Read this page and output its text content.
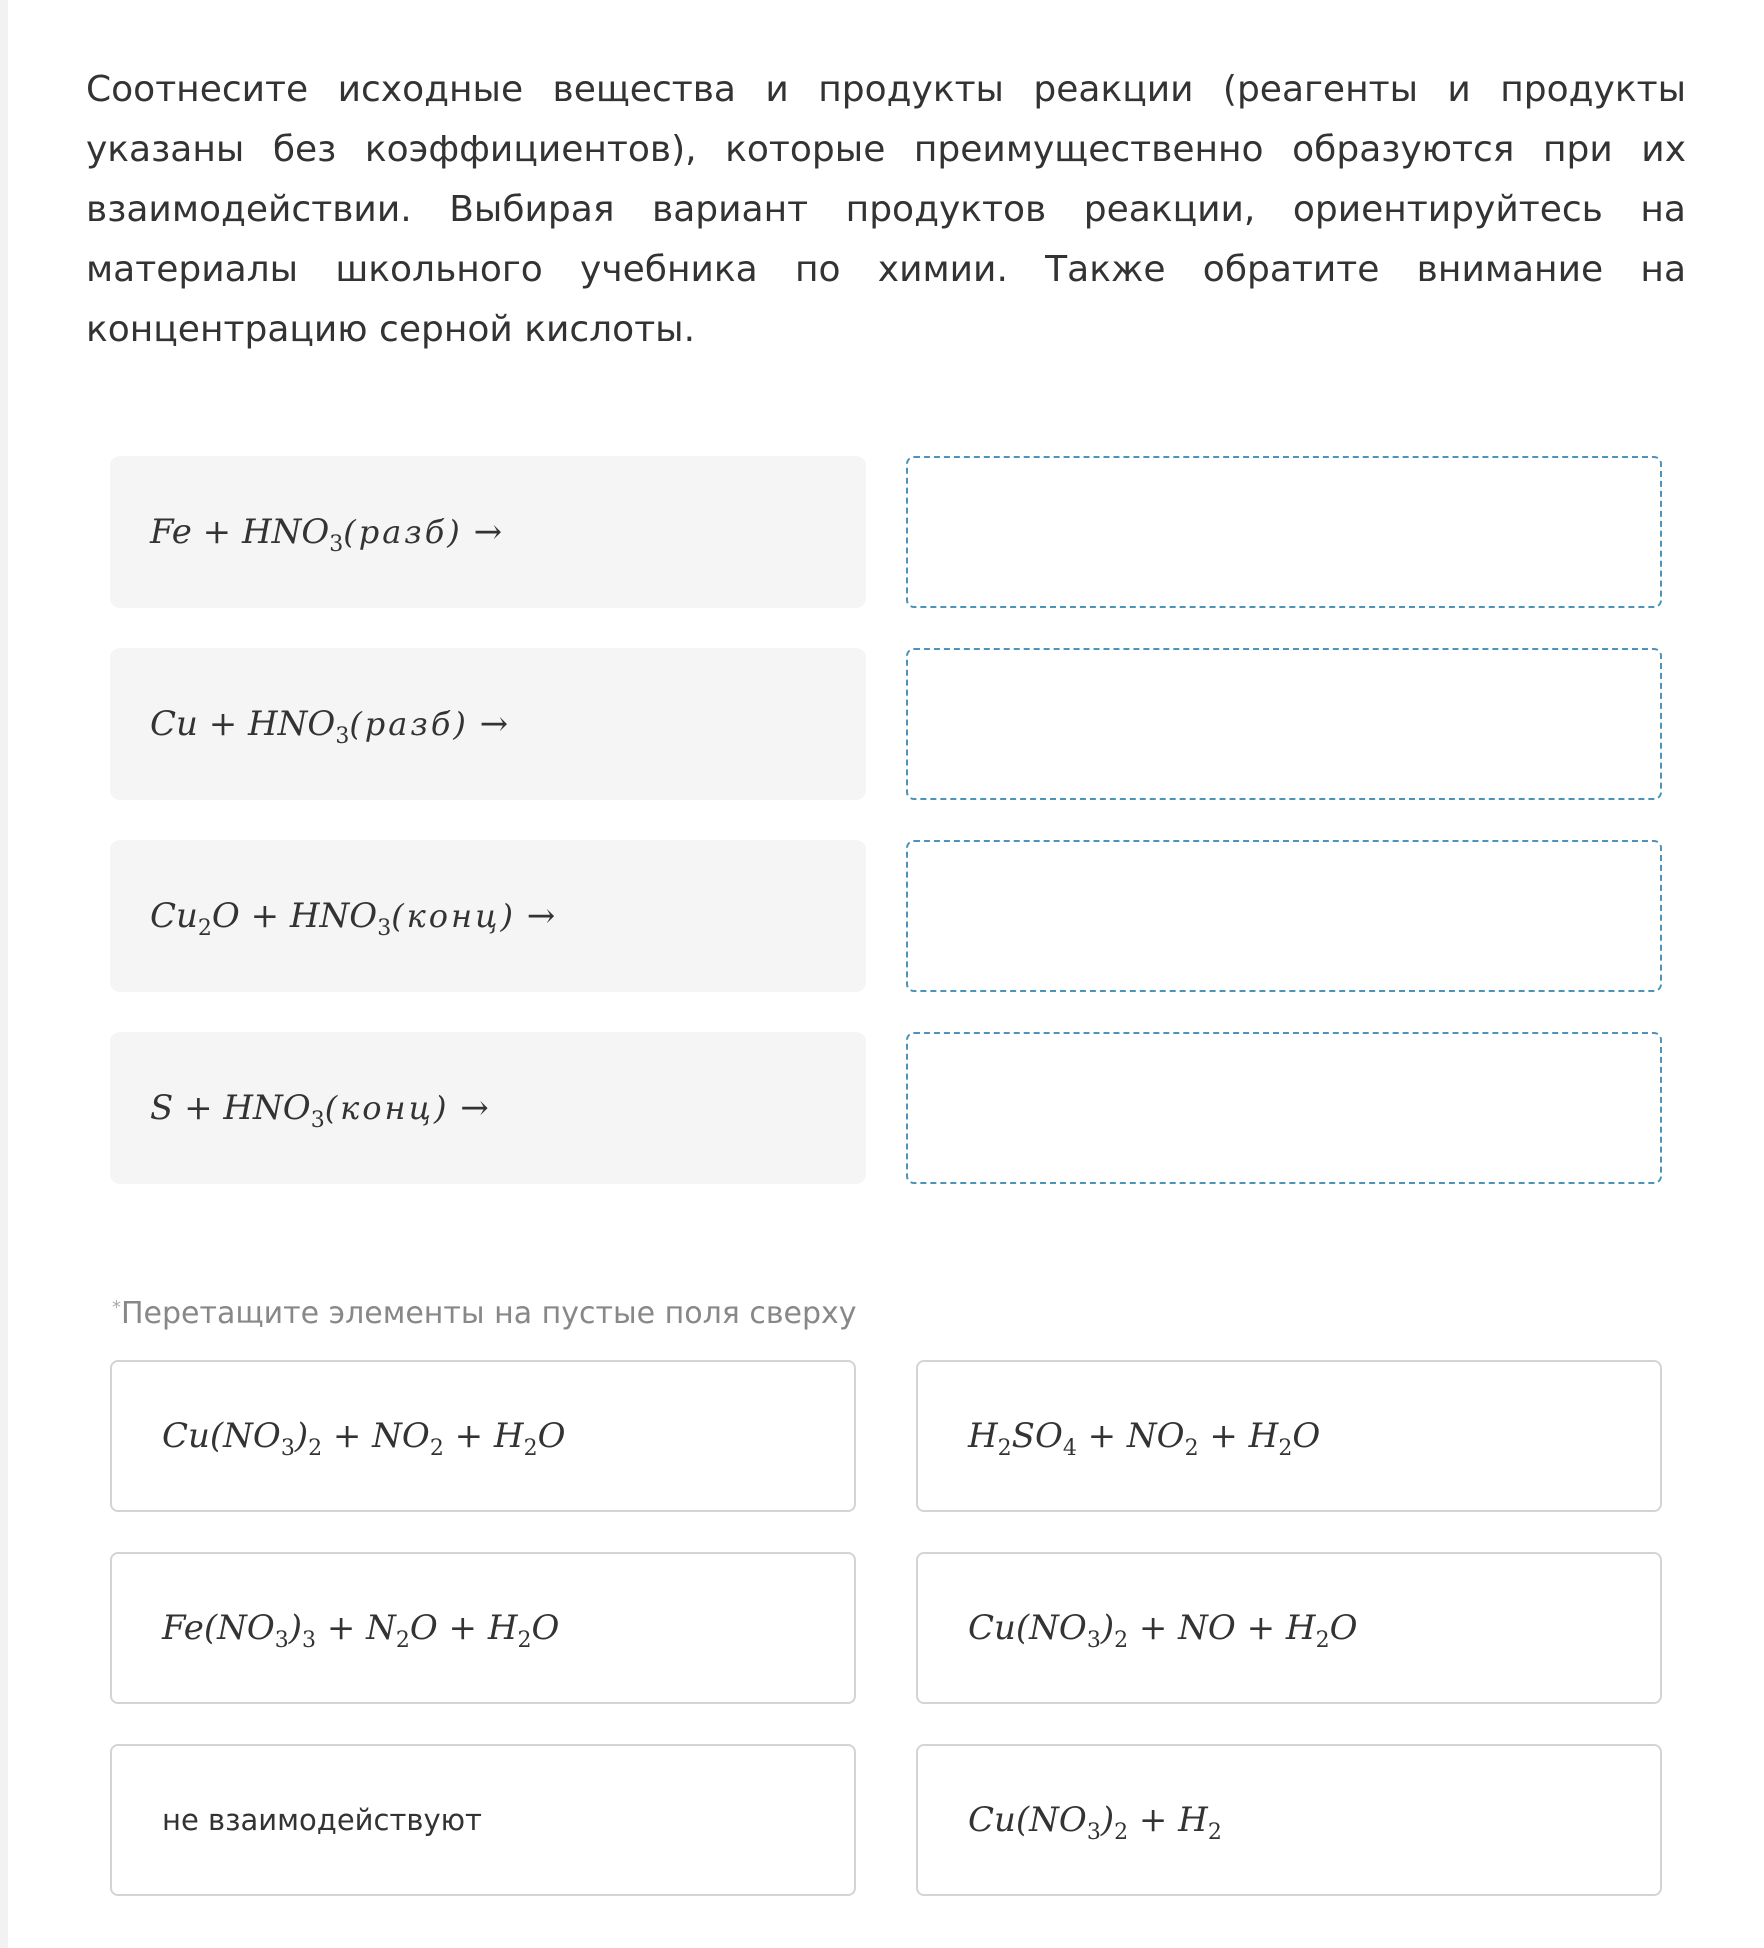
Соотнесите исходные вещества и продукты реакции (реагенты и продукты указаны без коэффициентов), которые преимущественно образуются при их взаимодействии. Выбирая вариант продуктов реакции, ориентируйтесь на материалы школьного учебника по химии. Также обратите внимание на концентрацию серной кислоты.

$Fe + HNO_3(разб)$ →
$Cu + HNO_3(разб)$ →
$Cu_2O$ + $HNO_3(конц)$ →
$S + HNO_3(конц)$ →
*Перетащите элементы на пустые поля сверху
$Cu(NO_3)_2 + NO_2 + H_2O$	$H_2SO_4 + NO_2 + H_2O$
$Fe(NO_3)_3 + N_2O + H_2O$	$Cu(NO_3)_2$ + NO + $H_2O$
не взаимодействуют	$Cu(NO_3)_2 + H_2$
